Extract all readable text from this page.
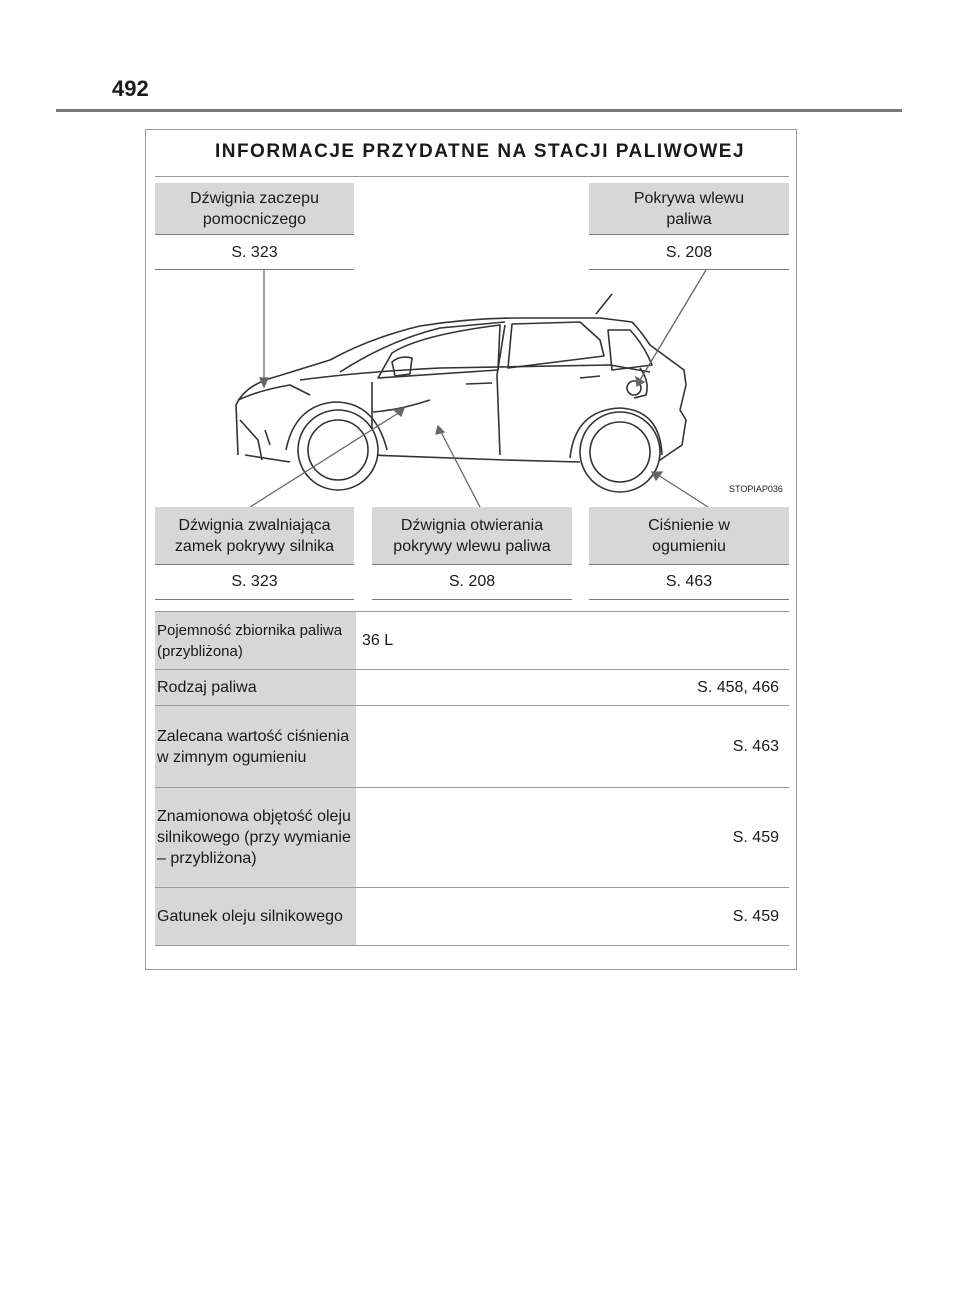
492
INFORMACJE PRZYDATNE NA STACJI PALIWOWEJ
Dźwignia zaczepu pomocniczego
S. 323
Pokrywa wlewu paliwa
S. 208
STOPIAP036
Dźwignia zwalniająca zamek pokrywy silnika
S. 323
Dźwignia otwierania pokrywy wlewu paliwa
S. 208
Ciśnienie w ogumieniu
S. 463
Pojemność zbiornika paliwa (przybliżona)	36 L
Rodzaj paliwa	S. 458, 466
Zalecana wartość ciśnienia w zimnym ogumieniu	S. 463
Znamionowa objętość oleju silnikowego (przy wymianie – przybliżona)	S. 459
Gatunek oleju silnikowego	S. 459
